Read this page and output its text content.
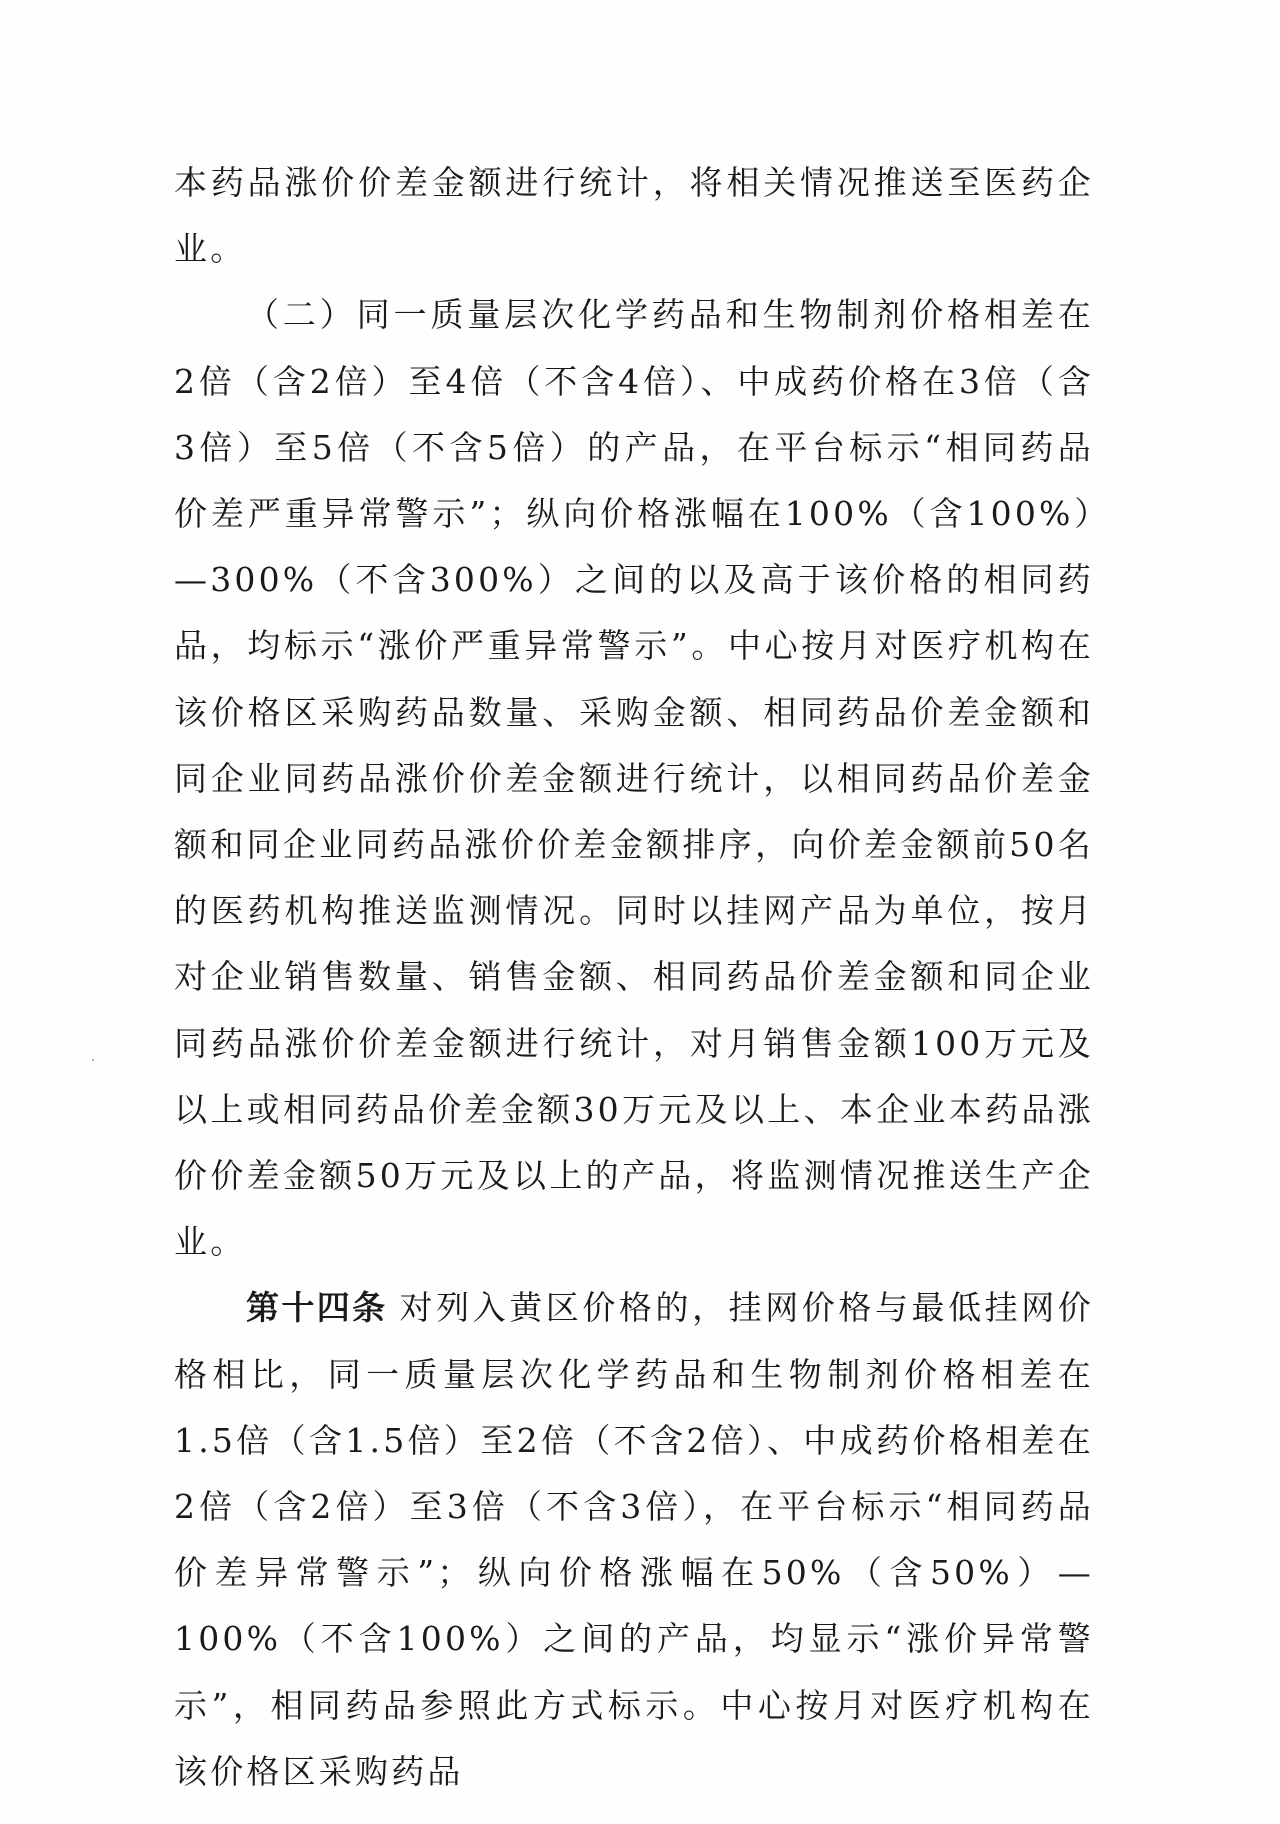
本药品涨价价差金额进行统计，将相关情况推送至医药企业。

（二）同一质量层次化学药品和生物制剂价格相差在2倍（含2倍）至4倍（不含4倍）、中成药价格在3倍（含3倍）至5倍（不含5倍）的产品，在平台标示“相同药品价差严重异常警示”；纵向价格涨幅在100%（含100%）—300%（不含300%）之间的以及高于该价格的相同药品，均标示“涨价严重异常警示”。中心按月对医疗机构在该价格区采购药品数量、采购金额、相同药品价差金额和同企业同药品涨价价差金额进行统计，以相同药品价差金额和同企业同药品涨价价差金额排序，向价差金额前50名的医药机构推送监测情况。同时以挂网产品为单位，按月对企业销售数量、销售金额、相同药品价差金额和同企业同药品涨价价差金额进行统计，对月销售金额100万元及以上或相同药品价差金额30万元及以上、本企业本药品涨价价差金额50万元及以上的产品，将监测情况推送生产企业。

第十四条 对列入黄区价格的，挂网价格与最低挂网价格相比，同一质量层次化学药品和生物制剂价格相差在1.5倍（含1.5倍）至2倍（不含2倍）、中成药价格相差在2倍（含2倍）至3倍（不含3倍），在平台标示“相同药品价差异常警示”；纵向价格涨幅在50%（含50%）—100%（不含100%）之间的产品，均显示“涨价异常警示”，相同药品参照此方式标示。中心按月对医疗机构在该价格区采购药品
